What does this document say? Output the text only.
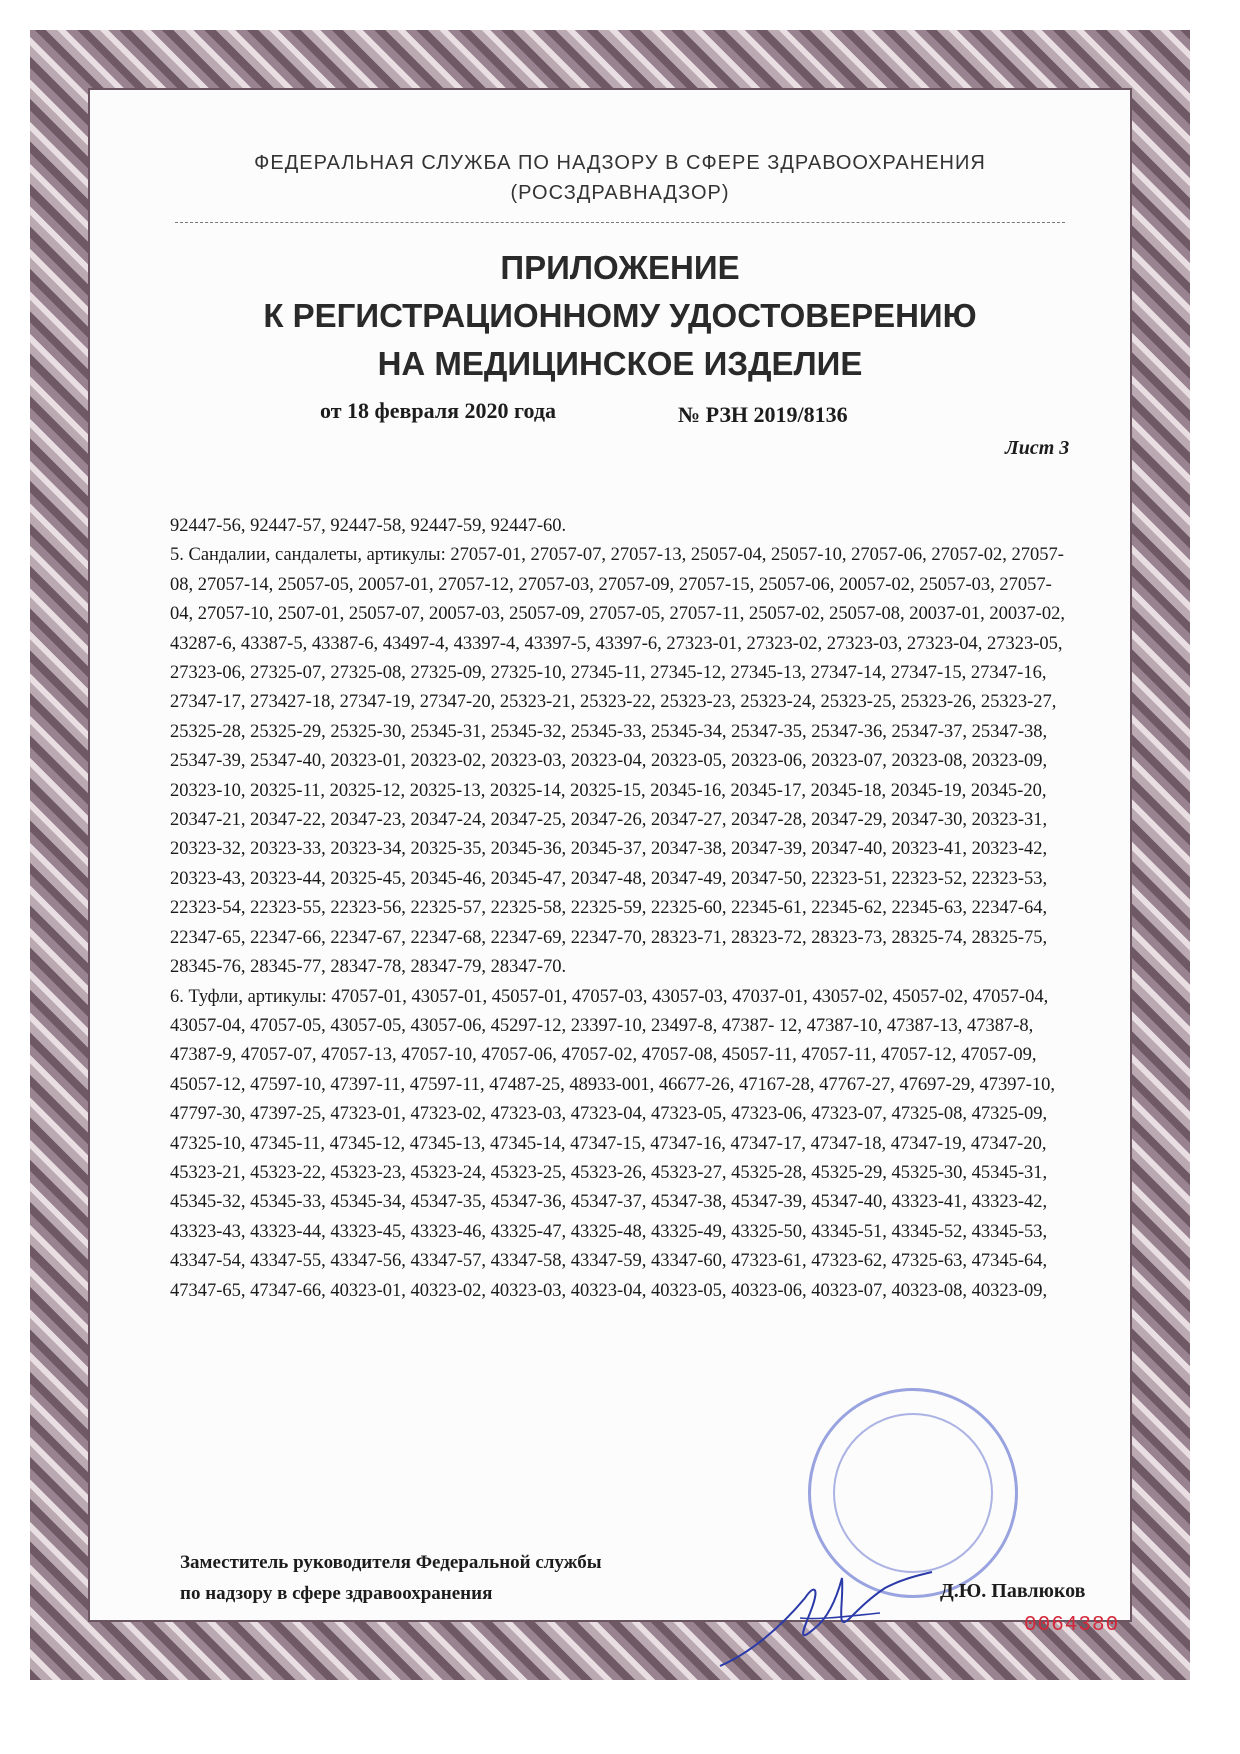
ФЕДЕРАЛЬНАЯ СЛУЖБА ПО НАДЗОРУ В СФЕРЕ ЗДРАВООХРАНЕНИЯ
(РОСЗДРАВНАДЗОР)
ПРИЛОЖЕНИЕ
К РЕГИСТРАЦИОННОМУ УДОСТОВЕРЕНИЮ
НА МЕДИЦИНСКОЕ ИЗДЕЛИЕ
от 18 февраля 2020 года	№ РЗН 2019/8136
Лист 3

92447-56, 92447-57, 92447-58, 92447-59, 92447-60.

5. Сандалии, сандалеты, артикулы: 27057-01, 27057-07, 27057-13, 25057-04, 25057-10, 27057-06, 27057-02, 27057-08, 27057-14, 25057-05, 20057-01, 27057-12, 27057-03, 27057-09, 27057-15, 25057-06, 20057-02, 25057-03, 27057-04, 27057-10, 2507-01, 25057-07, 20057-03, 25057-09, 27057-05, 27057-11, 25057-02, 25057-08, 20037-01, 20037-02, 43287-6, 43387-5, 43387-6, 43497-4, 43397-4, 43397-5, 43397-6, 27323-01, 27323-02, 27323-03, 27323-04, 27323-05, 27323-06, 27325-07, 27325-08, 27325-09, 27325-10, 27345-11, 27345-12, 27345-13, 27347-14, 27347-15, 27347-16, 27347-17, 273427-18, 27347-19, 27347-20, 25323-21, 25323-22, 25323-23, 25323-24, 25323-25, 25323-26, 25323-27, 25325-28, 25325-29, 25325-30, 25345-31, 25345-32, 25345-33, 25345-34, 25347-35, 25347-36, 25347-37, 25347-38, 25347-39, 25347-40, 20323-01, 20323-02, 20323-03, 20323-04, 20323-05, 20323-06, 20323-07, 20323-08, 20323-09, 20323-10, 20325-11, 20325-12, 20325-13, 20325-14, 20325-15, 20345-16, 20345-17, 20345-18, 20345-19, 20345-20, 20347-21, 20347-22, 20347-23, 20347-24, 20347-25, 20347-26, 20347-27, 20347-28, 20347-29, 20347-30, 20323-31, 20323-32, 20323-33, 20323-34, 20325-35, 20345-36, 20345-37, 20347-38, 20347-39, 20347-40, 20323-41, 20323-42, 20323-43, 20323-44, 20325-45, 20345-46, 20345-47, 20347-48, 20347-49, 20347-50, 22323-51, 22323-52, 22323-53, 22323-54, 22323-55, 22323-56, 22325-57, 22325-58, 22325-59, 22325-60, 22345-61, 22345-62, 22345-63, 22347-64, 22347-65, 22347-66, 22347-67, 22347-68, 22347-69, 22347-70, 28323-71, 28323-72, 28323-73, 28325-74, 28325-75, 28345-76, 28345-77, 28347-78, 28347-79, 28347-70.

6. Туфли, артикулы: 47057-01, 43057-01, 45057-01, 47057-03, 43057-03, 47037-01, 43057-02, 45057-02, 47057-04, 43057-04, 47057-05, 43057-05, 43057-06, 45297-12, 23397-10, 23497-8, 47387- 12, 47387-10, 47387-13, 47387-8, 47387-9, 47057-07, 47057-13, 47057-10, 47057-06, 47057-02, 47057-08, 45057-11, 47057-11, 47057-12, 47057-09, 45057-12, 47597-10, 47397-11, 47597-11, 47487-25, 48933-001, 46677-26, 47167-28, 47767-27, 47697-29, 47397-10, 47797-30, 47397-25, 47323-01, 47323-02, 47323-03, 47323-04, 47323-05, 47323-06, 47323-07, 47325-08, 47325-09, 47325-10, 47345-11, 47345-12, 47345-13, 47345-14, 47347-15, 47347-16, 47347-17, 47347-18, 47347-19, 47347-20, 45323-21, 45323-22, 45323-23, 45323-24, 45323-25, 45323-26, 45323-27, 45325-28, 45325-29, 45325-30, 45345-31, 45345-32, 45345-33, 45345-34, 45347-35, 45347-36, 45347-37, 45347-38, 45347-39, 45347-40, 43323-41, 43323-42, 43323-43, 43323-44, 43323-45, 43323-46, 43325-47, 43325-48, 43325-49, 43325-50, 43345-51, 43345-52, 43345-53, 43347-54, 43347-55, 43347-56, 43347-57, 43347-58, 43347-59, 43347-60, 47323-61, 47323-62, 47325-63, 47345-64, 47347-65, 47347-66, 40323-01, 40323-02, 40323-03, 40323-04, 40323-05, 40323-06, 40323-07, 40323-08, 40323-09,

Заместитель руководителя Федеральной службы
по надзору в сфере здравоохранения	Д.Ю. Павлюков
0064380
